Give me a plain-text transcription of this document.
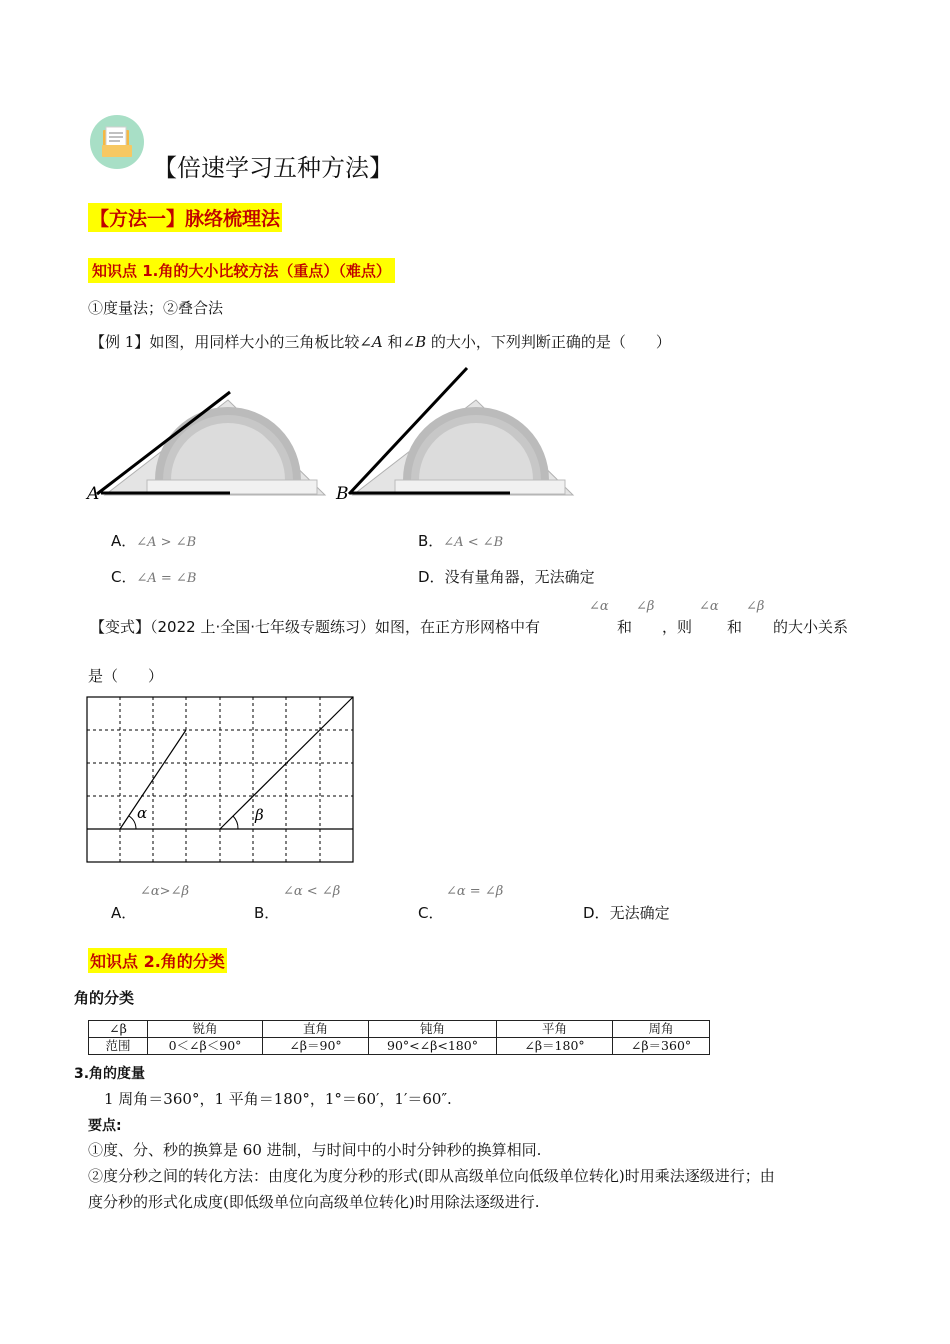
【倍速学习五种方法】
【方法一】脉络梳理法
知识点 1.角的大小比较方法（重点）（难点）
①度量法；②叠合法
【例 1】如图，用同样大小的三角板比较∠A 和∠B 的大小，下列判断正确的是（　　）
A	B
A．∠A > ∠B	B．∠A < ∠B
C．∠A = ∠B	D．没有量角器，无法确定
【变式】（2022 上·全国·七年级专题练习）如图，在正方形网格中有
∠α
和
∠β
，则
∠α
和
∠β
的大小关系
是（　　）
α	β
∠α>∠β
A．
∠α < ∠β
B．
∠α = ∠β
C．	D．无法确定
知识点 2.角的分类
角的分类
∠β	锐角	直角	钝角	平角	周角
范围	0＜∠β＜90°	∠β＝90°	90°<∠β<180°	∠β＝180°	∠β＝360°
3.角的度量
1 周角＝360°，1 平角＝180°，1°＝60′，1′＝60″.
要点:
①度、分、秒的换算是 60 进制，与时间中的小时分钟秒的换算相同.
②度分秒之间的转化方法：由度化为度分秒的形式(即从高级单位向低级单位转化)时用乘法逐级进行；由
度分秒的形式化成度(即低级单位向高级单位转化)时用除法逐级进行.
